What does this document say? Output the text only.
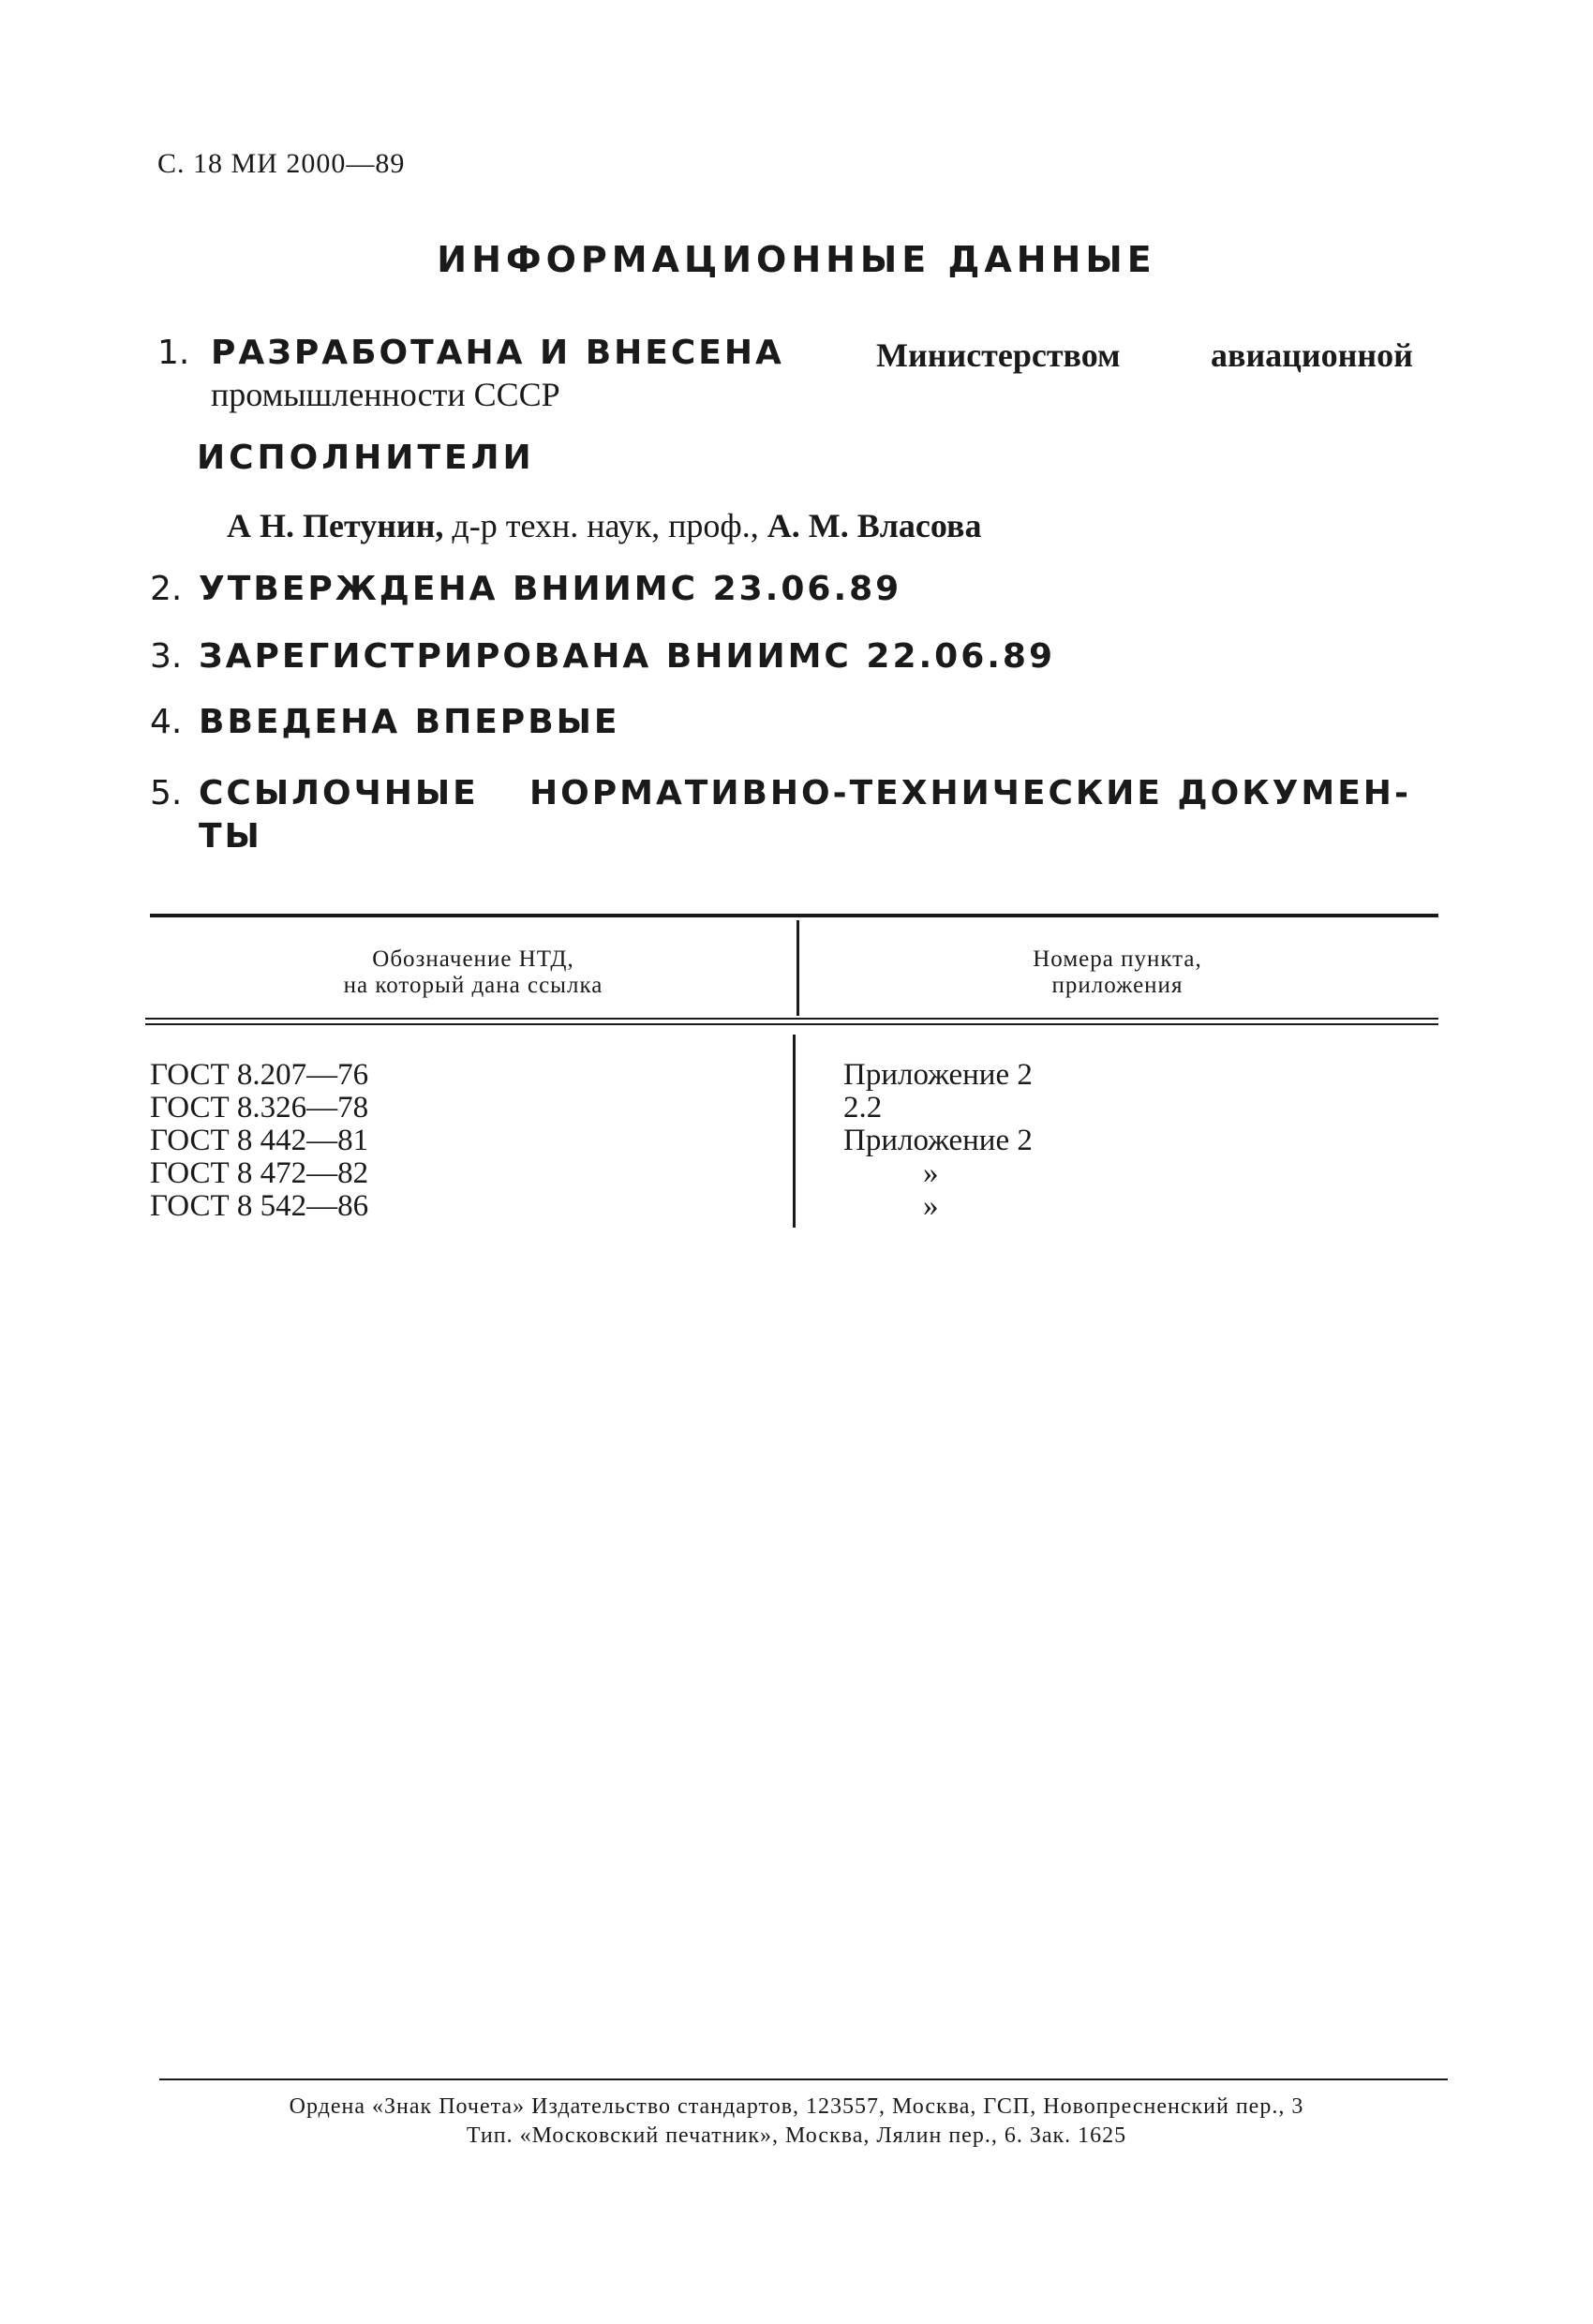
С. 18 МИ 2000—89
ИНФОРМАЦИОННЫЕ ДАННЫЕ
1. РАЗРАБОТАНА И ВНЕСЕНА	Министерством	авиационной
промышленности СССР
ИСПОЛНИТЕЛИ
А Н. Петунин, д-р техн. наук, проф., А. М. Власова
2. УТВЕРЖДЕНА ВНИИМС 23.06.89
3. ЗАРЕГИСТРИРОВАНА ВНИИМС 22.06.89
4. ВВЕДЕНА ВПЕРВЫЕ
5. ССЫЛОЧНЫЕ НОРМАТИВНО-ТЕХНИЧЕСКИЕ ДОКУМЕН-
ТЫ
Обозначение НТД,
на который дана ссылка
Номера пункта,
приложения
ГОСТ 8.207—76
ГОСТ 8.326—78
ГОСТ 8 442—81
ГОСТ 8 472—82
ГОСТ 8 542—86
Приложение 2
2.2
Приложение 2
»
»
Ордена «Знак Почета» Издательство стандартов, 123557, Москва, ГСП, Новопресненский пер., 3
Тип. «Московский печатник», Москва, Лялин пер., 6. Зак. 1625
